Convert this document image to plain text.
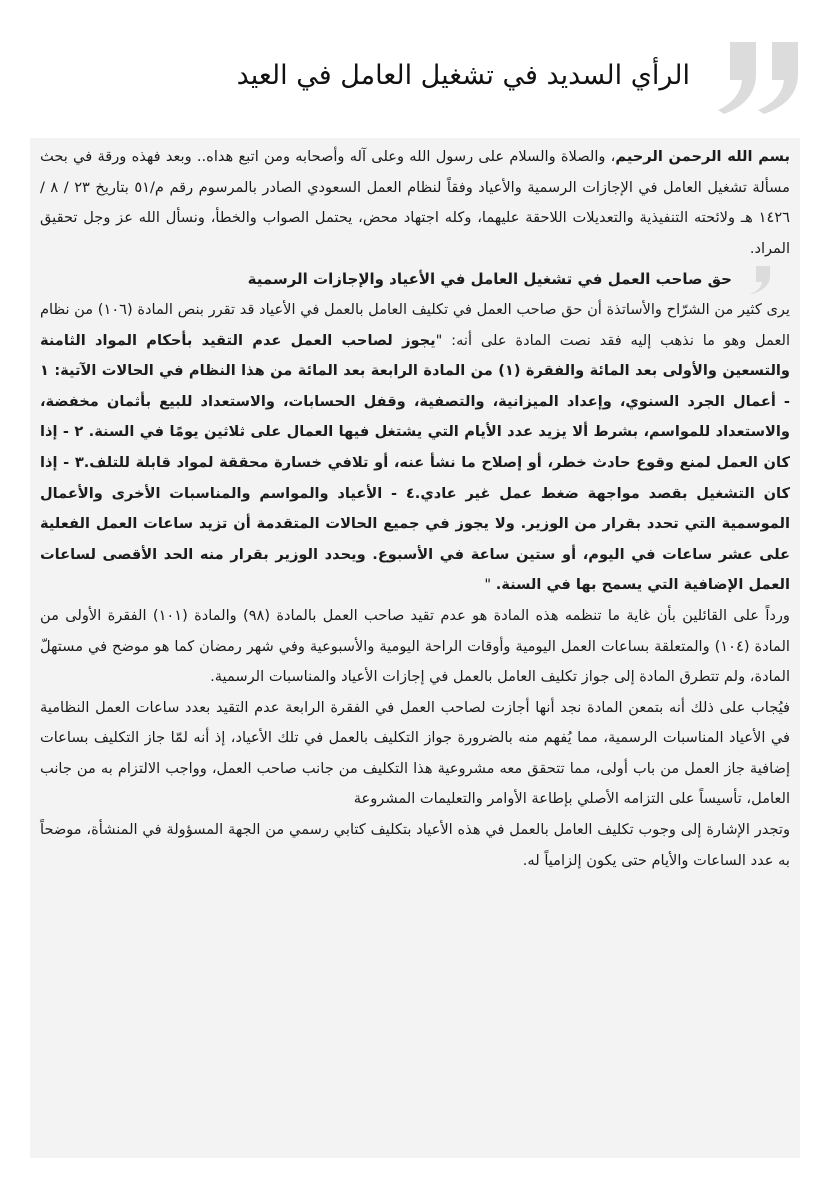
الرأي السديد في تشغيل العامل في العيد

بسم الله الرحمن الرحيم، والصلاة والسلام على رسول الله وعلى آله وأصحابه ومن اتبع هداه.. وبعد فهذه ورقة في بحث مسألة تشغيل العامل في الإجازات الرسمية والأعياد وفقاً لنظام العمل السعودي الصادر بالمرسوم رقم م/٥١ بتاريخ ٢٣ / ٨ / ١٤٢٦ هـ ولائحته التنفيذية والتعديلات اللاحقة عليهما، وكله اجتهاد محض، يحتمل الصواب والخطأ، ونسأل الله عز وجل تحقيق المراد.

حق صاحب العمل في تشغيل العامل في الأعياد والإجازات الرسمية

يرى كثير من الشرّاح والأساتذة أن حق صاحب العمل في تكليف العامل بالعمل في الأعياد قد تقرر بنص المادة (١٠٦) من نظام العمل وهو ما نذهب إليه فقد نصت المادة على أنه: "يجوز لصاحب العمل عدم التقيد بأحكام المواد الثامنة والتسعين والأولى بعد المائة والفقرة (١) من المادة الرابعة بعد المائة من هذا النظام في الحالات الآتية: ١ - أعمال الجرد السنوي، وإعداد الميزانية، والتصفية، وقفل الحسابات، والاستعداد للبيع بأثمان مخفضة، والاستعداد للمواسم، بشرط ألا يزيد عدد الأيام التي يشتغل فيها العمال على ثلاثين يومًا في السنة. ٢ - إذا كان العمل لمنع وقوع حادث خطر، أو إصلاح ما نشأ عنه، أو تلافي خسارة محققة لمواد قابلة للتلف.٣ - إذا كان التشغيل بقصد مواجهة ضغط عمل غير عادي.٤ - الأعياد والمواسم والمناسبات الأخرى والأعمال الموسمية التي تحدد بقرار من الوزير. ولا يجوز في جميع الحالات المتقدمة أن تزيد ساعات العمل الفعلية على عشر ساعات في اليوم، أو ستين ساعة في الأسبوع. ويحدد الوزير بقرار منه الحد الأقصى لساعات العمل الإضافية التي يسمح بها في السنة. "

ورداً على القائلين بأن غاية ما تنظمه هذه المادة هو عدم تقيد صاحب العمل بالمادة (٩٨) والمادة (١٠١) الفقرة الأولى من المادة (١٠٤) والمتعلقة بساعات العمل اليومية وأوقات الراحة اليومية والأسبوعية وفي شهر رمضان كما هو موضح في مستهلّ المادة، ولم تتطرق المادة إلى جواز تكليف العامل بالعمل في إجازات الأعياد والمناسبات الرسمية.

فيُجاب على ذلك أنه بتمعن المادة نجد أنها أجازت لصاحب العمل في الفقرة الرابعة عدم التقيد بعدد ساعات العمل النظامية في الأعياد المناسبات الرسمية، مما يُفهم منه بالضرورة جواز التكليف بالعمل في تلك الأعياد، إذ أنه لمّا جاز التكليف بساعات إضافية جاز العمل من باب أولى، مما تتحقق معه مشروعية هذا التكليف من جانب صاحب العمل، وواجب الالتزام به من جانب العامل، تأسيساً على التزامه الأصلي بإطاعة الأوامر والتعليمات المشروعة

وتجدر الإشارة إلى وجوب تكليف العامل بالعمل في هذه الأعياد بتكليف كتابي رسمي من الجهة المسؤولة في المنشأة، موضحاً به عدد الساعات والأيام حتى يكون إلزامياً له.
